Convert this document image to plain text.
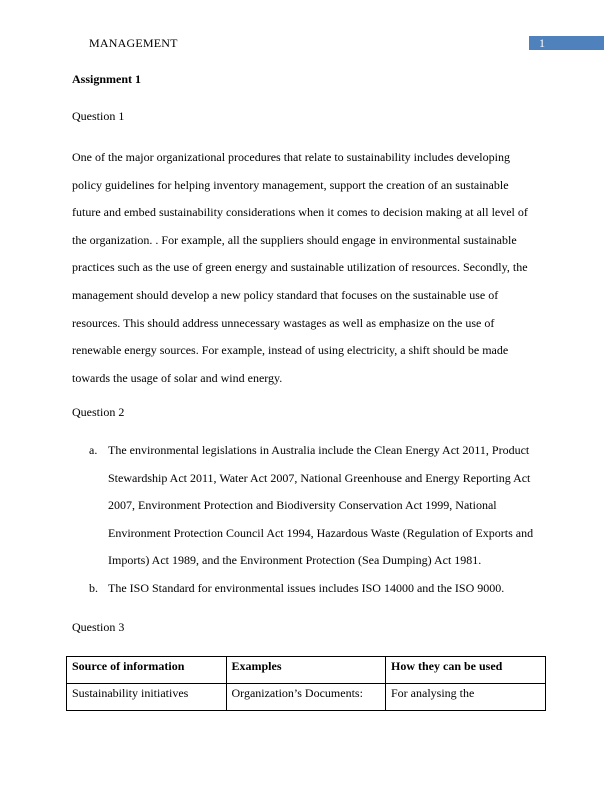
MANAGEMENT	1
Assignment 1
Question 1
One of the major organizational procedures that relate to sustainability includes developing policy guidelines for helping inventory management, support the creation of an sustainable future and embed sustainability considerations when it comes to decision making at all level of the organization. . For example, all the suppliers should engage in environmental sustainable practices such as the use of green energy and sustainable utilization of resources. Secondly, the management should develop a new policy standard that focuses on the sustainable use of resources. This should address unnecessary wastages as well as emphasize on the use of renewable energy sources. For example, instead of using electricity, a shift should be made towards the usage of solar and wind energy.
Question 2
a. The environmental legislations in Australia include the Clean Energy Act 2011, Product Stewardship Act 2011, Water Act 2007, National Greenhouse and Energy Reporting Act 2007, Environment Protection and Biodiversity Conservation Act 1999, National Environment Protection Council Act 1994, Hazardous Waste (Regulation of Exports and Imports) Act 1989, and the Environment Protection (Sea Dumping) Act 1981.
b. The ISO Standard for environmental issues includes ISO 14000 and the ISO 9000.
Question 3
Source of information	Examples	How they can be used
Sustainability initiatives	Organization’s Documents:	For analysing the
